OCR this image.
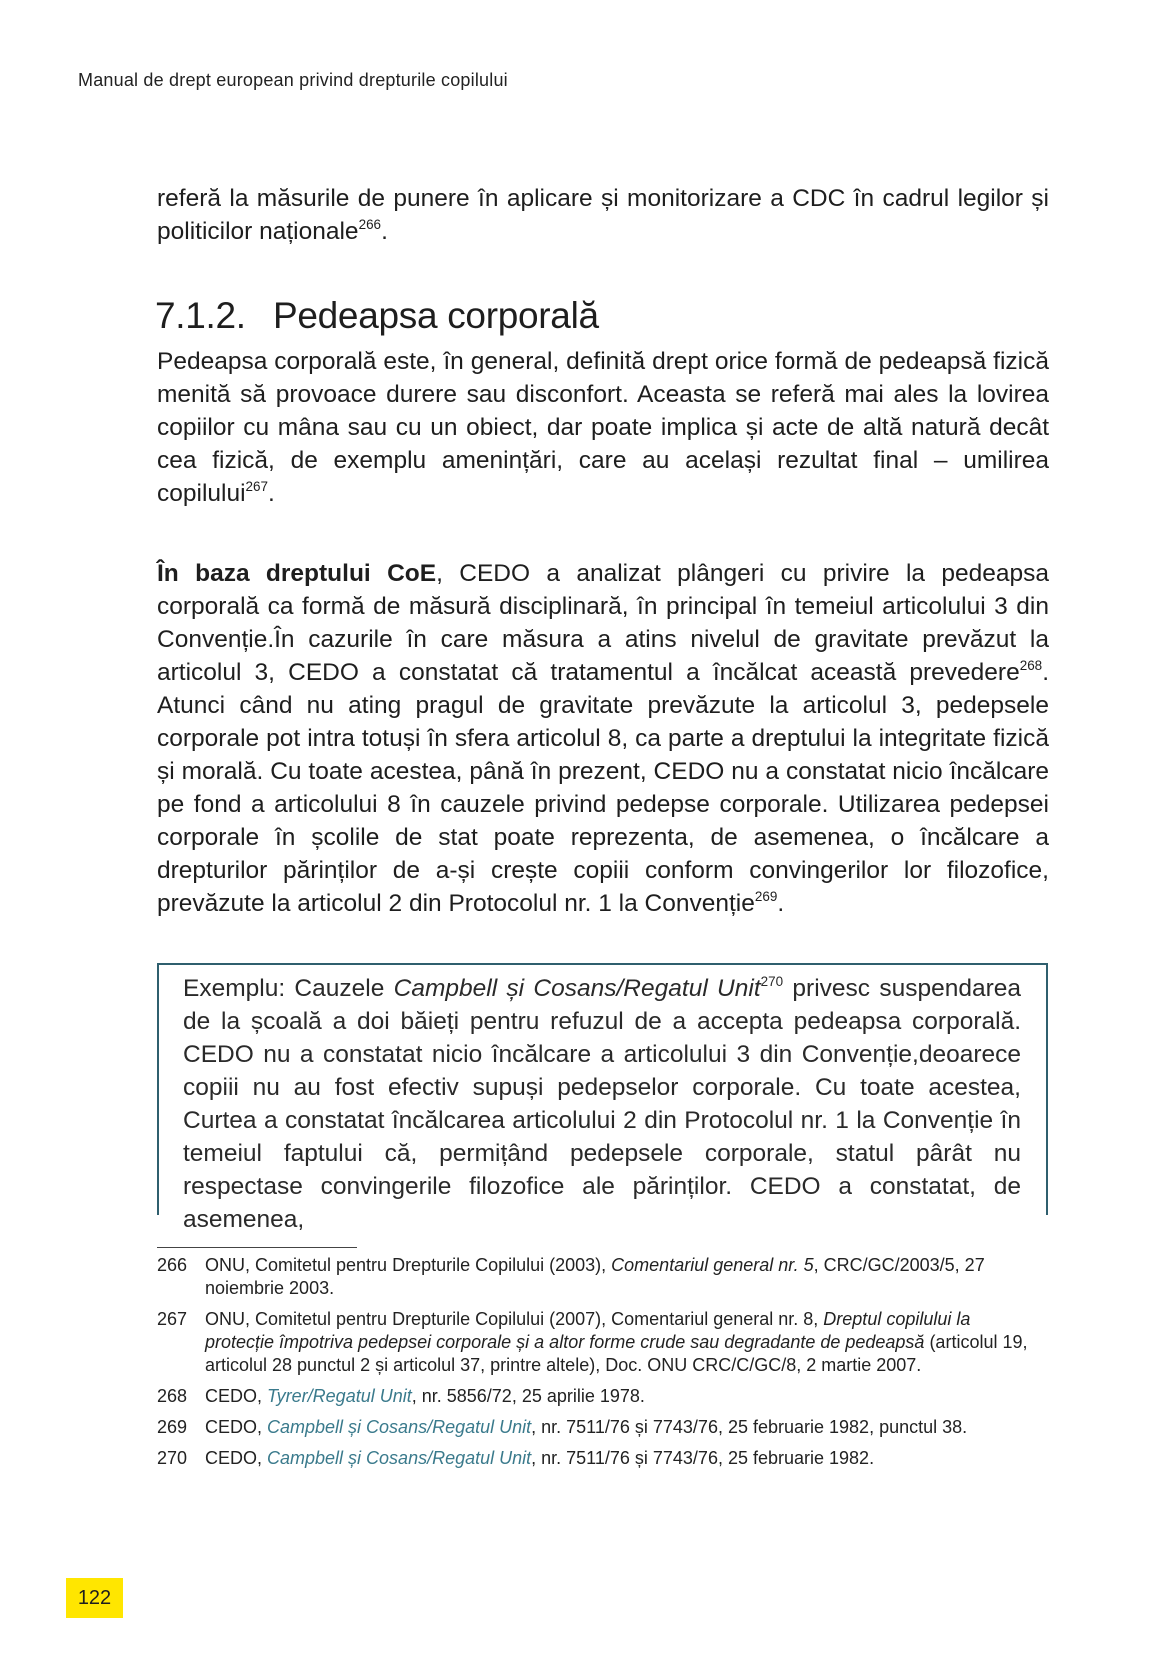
Manual de drept european privind drepturile copilului

referă la măsurile de punere în aplicare și monitorizare a CDC în cadrul legilor și politicilor naționale$^{266}$.

7.1.2. Pedeapsa corporală

Pedeapsa corporală este, în general, definită drept orice formă de pedeapsă fizică menită să provoace durere sau disconfort. Aceasta se referă mai ales la lovirea copiilor cu mâna sau cu un obiect, dar poate implica și acte de altă natură decât cea fizică, de exemplu amenințări, care au același rezultat final – umilirea copilului$^{267}$.

În baza dreptului CoE, CEDO a analizat plângeri cu privire la pedeapsa corporală ca formă de măsură disciplinară, în principal în temeiul articolului 3 din Convenție.În cazurile în care măsura a atins nivelul de gravitate prevăzut la articolul 3, CEDO a constatat că tratamentul a încălcat această prevedere$^{268}$. Atunci când nu ating pragul de gravitate prevăzute la articolul 3, pedepsele corporale pot intra totuși în sfera articolul 8, ca parte a dreptului la integritate fizică și morală. Cu toate acestea, până în prezent, CEDO nu a constatat nicio încălcare pe fond a articolului 8 în cauzele privind pedepse corporale. Utilizarea pedepsei corporale în școlile de stat poate reprezenta, de asemenea, o încălcare a drepturilor părinților de a-și crește copiii conform convingerilor lor filozofice, prevăzute la articolul 2 din Protocolul nr. 1 la Convenție$^{269}$.

Exemplu: Cauzele Campbell și Cosans/Regatul Unit$^{270}$ privesc suspendarea de la școală a doi băieți pentru refuzul de a accepta pedeapsa corporală. CEDO nu a constatat nicio încălcare a articolului 3 din Convenție,deoarece copiii nu au fost efectiv supuși pedepselor corporale. Cu toate acestea, Curtea a constatat încălcarea articolului 2 din Protocolul nr. 1 la Convenție în temeiul faptului că, permițând pedepsele corporale, statul pârât nu respectase convingerile filozofice ale părinților. CEDO a constatat, de asemenea,

266 ONU, Comitetul pentru Drepturile Copilului (2003), Comentariul general nr. 5, CRC/GC/2003/5, 27 noiembrie 2003.
267 ONU, Comitetul pentru Drepturile Copilului (2007), Comentariul general nr. 8, Dreptul copilului la protecție împotriva pedepsei corporale și a altor forme crude sau degradante de pedeapsă (articolul 19, articolul 28 punctul 2 și articolul 37, printre altele), Doc. ONU CRC/C/GC/8, 2 martie 2007.
268 CEDO, Tyrer/Regatul Unit, nr. 5856/72, 25 aprilie 1978.
269 CEDO, Campbell și Cosans/Regatul Unit, nr. 7511/76 și 7743/76, 25 februarie 1982, punctul 38.
270 CEDO, Campbell și Cosans/Regatul Unit, nr. 7511/76 și 7743/76, 25 februarie 1982.
122
